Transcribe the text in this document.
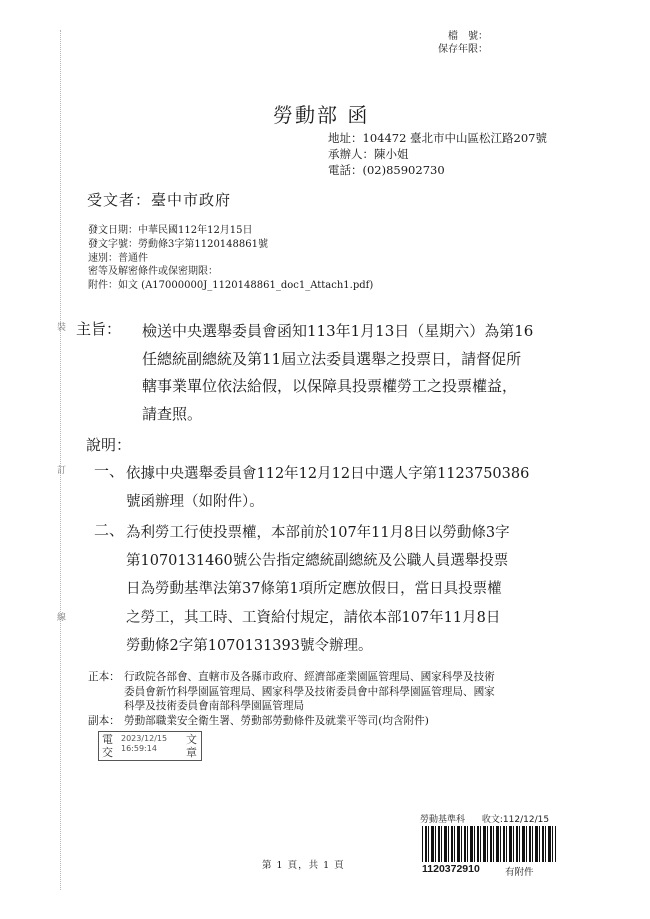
裝
訂
線
檔　號：
保存年限：
勞動部 函
地址：104472 臺北市中山區松江路207號
承辦人：陳小姐
電話：(02)85902730
受文者：臺中市政府
發文日期：中華民國112年12月15日
發文字號：勞動條3字第1120148861號
速別：普通件
密等及解密條件或保密期限：
附件：如文 (A17000000J_1120148861_doc1_Attach1.pdf)
主旨： 檢送中央選舉委員會函知113年1月13日（星期六）為第16
任總統副總統及第11屆立法委員選舉之投票日，請督促所
轄事業單位依法給假，以保障具投票權勞工之投票權益，
請查照。
說明：
一、 依據中央選舉委員會112年12月12日中選人字第1123750386
號函辦理（如附件）。
二、 為利勞工行使投票權，本部前於107年11月8日以勞動條3字
第1070131460號公告指定總統副總統及公職人員選舉投票
日為勞動基準法第37條第1項所定應放假日，當日具投票權
之勞工，其工時、工資給付規定，請依本部107年11月8日
勞動條2字第1070131393號令辦理。
正本： 行政院各部會、直轄市及各縣市政府、經濟部產業園區管理局、國家科學及技術
委員會新竹科學園區管理局、國家科學及技術委員會中部科學園區管理局、國家
科學及技術委員會南部科學園區管理局
副本： 勞動部職業安全衛生署、勞動部勞動條件及就業平等司(均含附件)
電
交
2023/12/15
16:59:14
文
章
勞動基準科 收文:112/12/15
1120372910	有附件
第 1 頁，共 1 頁
